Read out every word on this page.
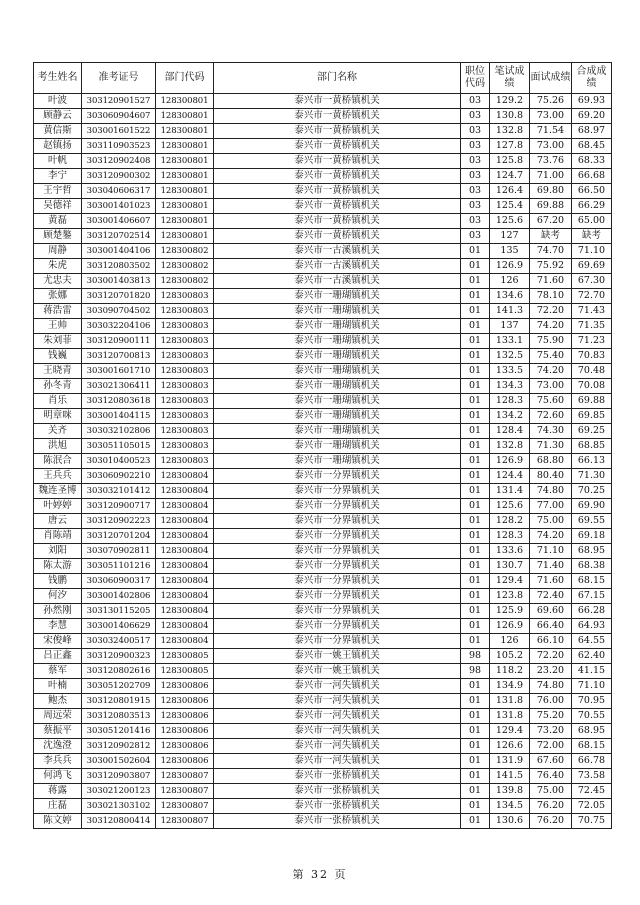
考生姓名	准考证号	部门代码	部门名称	职位代码	笔试成绩	面试成绩	合成成绩
叶波	303120901527	128300801	泰兴市一黄桥镇机关	03	129.2	75.26	69.93
顾静云	303060904607	128300801	泰兴市一黄桥镇机关	03	130.8	73.00	69.20
黄信斯	303001601522	128300801	泰兴市一黄桥镇机关	03	132.8	71.54	68.97
赵镇扬	303110903523	128300801	泰兴市一黄桥镇机关	03	127.8	73.00	68.45
叶帆	303120902408	128300801	泰兴市一黄桥镇机关	03	125.8	73.76	68.33
李宁	303120900302	128300801	泰兴市一黄桥镇机关	03	124.7	71.00	66.68
王宇哲	303040606317	128300801	泰兴市一黄桥镇机关	03	126.4	69.80	66.50
吴德祥	303001401023	128300801	泰兴市一黄桥镇机关	03	125.4	69.88	66.29
黄磊	303001406607	128300801	泰兴市一黄桥镇机关	03	125.6	67.20	65.00
顾楚鏊	303120702514	128300801	泰兴市一黄桥镇机关	03	127	缺考	缺考
周静	303001404106	128300802	泰兴市一古溪镇机关	01	135	74.70	71.10
朱虎	303120803502	128300802	泰兴市一古溪镇机关	01	126.9	75.92	69.69
尤忠夫	303001403813	128300802	泰兴市一古溪镇机关	01	126	71.60	67.30
张娜	303120701820	128300803	泰兴市一珊瑚镇机关	01	134.6	78.10	72.70
蒋浩雷	303090704502	128300803	泰兴市一珊瑚镇机关	01	141.3	72.20	71.43
王帅	303032204106	128300803	泰兴市一珊瑚镇机关	01	137	74.20	71.35
朱刘菲	303120900111	128300803	泰兴市一珊瑚镇机关	01	133.1	75.90	71.23
钱巍	303120700813	128300803	泰兴市一珊瑚镇机关	01	132.5	75.40	70.83
王晓青	303001601710	128300803	泰兴市一珊瑚镇机关	01	133.5	74.20	70.48
孙冬青	303021306411	128300803	泰兴市一珊瑚镇机关	01	134.3	73.00	70.08
肖乐	303120803618	128300803	泰兴市一珊瑚镇机关	01	128.3	75.60	69.88
明章咪	303001404115	128300803	泰兴市一珊瑚镇机关	01	134.2	72.60	69.85
关齐	303032102806	128300803	泰兴市一珊瑚镇机关	01	128.4	74.30	69.25
洪旭	303051105015	128300803	泰兴市一珊瑚镇机关	01	132.8	71.30	68.85
陈泯合	303010400523	128300803	泰兴市一珊瑚镇机关	01	126.9	68.80	66.13
王兵兵	303060902210	128300804	泰兴市一分界镇机关	01	124.4	80.40	71.30
魏连圣博	303032101412	128300804	泰兴市一分界镇机关	01	131.4	74.80	70.25
叶婷婷	303120900717	128300804	泰兴市一分界镇机关	01	125.6	77.00	69.90
唐云	303120902223	128300804	泰兴市一分界镇机关	01	128.2	75.00	69.55
肖陈靖	303120701204	128300804	泰兴市一分界镇机关	01	128.3	74.20	69.18
刘阳	303070902811	128300804	泰兴市一分界镇机关	01	133.6	71.10	68.95
陈太游	303051101216	128300804	泰兴市一分界镇机关	01	130.7	71.40	68.38
钱鹏	303060900317	128300804	泰兴市一分界镇机关	01	129.4	71.60	68.15
何汐	303001402806	128300804	泰兴市一分界镇机关	01	123.8	72.40	67.15
孙然刚	303130115205	128300804	泰兴市一分界镇机关	01	125.9	69.60	66.28
李慧	303001406629	128300804	泰兴市一分界镇机关	01	126.9	66.40	64.93
宋俊峰	303032400517	128300804	泰兴市一分界镇机关	01	126	66.10	64.55
吕正鑫	303120900323	128300805	泰兴市一姚王镇机关	98	105.2	72.20	62.40
蔡军	303120802616	128300805	泰兴市一姚王镇机关	98	118.2	23.20	41.15
叶楠	303051202709	128300806	泰兴市一河失镇机关	01	134.9	74.80	71.10
鲍杰	303120801915	128300806	泰兴市一河失镇机关	01	131.8	76.00	70.95
周远荣	303120803513	128300806	泰兴市一河失镇机关	01	131.8	75.20	70.55
蔡振平	303051201416	128300806	泰兴市一河失镇机关	01	129.4	73.20	68.95
沈逸澄	303120902812	128300806	泰兴市一河失镇机关	01	126.6	72.00	68.15
李兵兵	303001502604	128300806	泰兴市一河失镇机关	01	131.9	67.60	66.78
何鸿飞	303120903807	128300807	泰兴市一张桥镇机关	01	141.5	76.40	73.58
蒋露	303021200123	128300807	泰兴市一张桥镇机关	01	139.8	75.00	72.45
庄磊	303021303102	128300807	泰兴市一张桥镇机关	01	134.5	76.20	72.05
陈文婷	303120800414	128300807	泰兴市一张桥镇机关	01	130.6	76.20	70.75
第 32 页
